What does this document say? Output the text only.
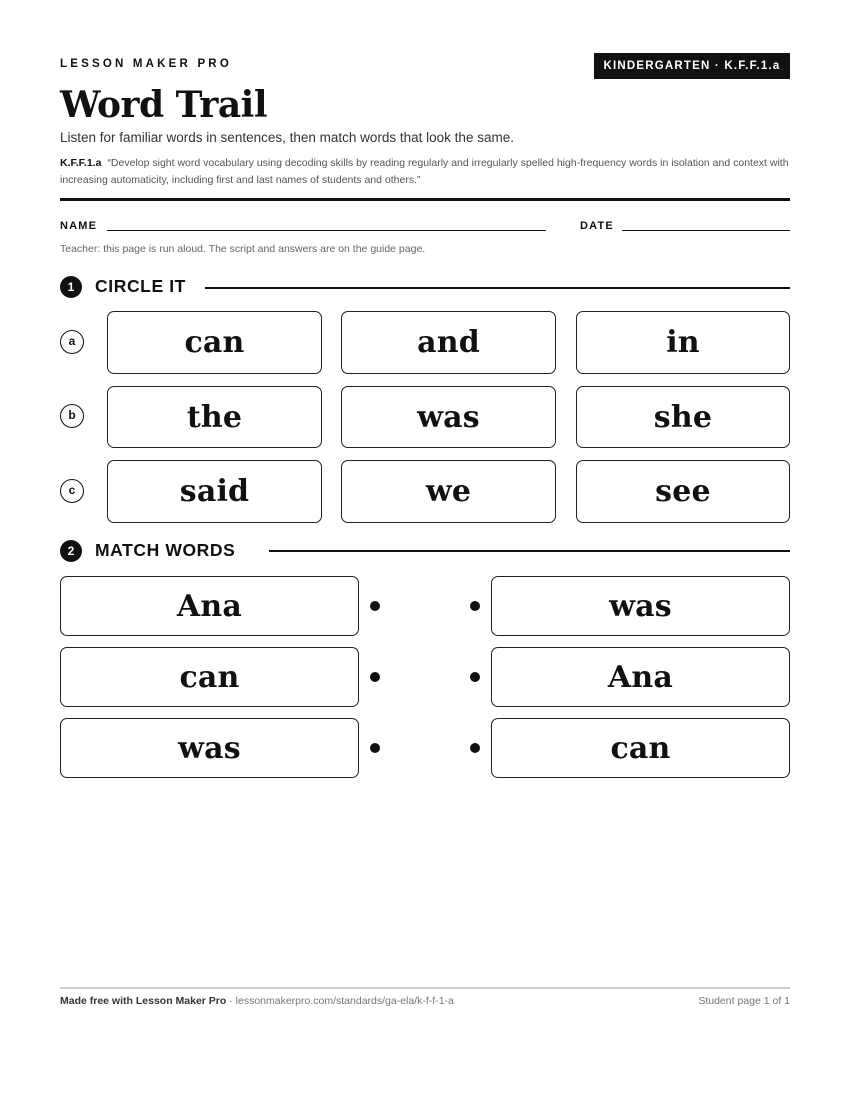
LESSON MAKER PRO	KINDERGARTEN · K.F.F.1.a
Word Trail
Listen for familiar words in sentences, then match words that look the same.
K.F.F.1.a “Develop sight word vocabulary using decoding skills by reading regularly and irregularly spelled high-frequency words in isolation and context with increasing automaticity, including first and last names of students and others.”
NAME	DATE
Teacher: this page is run aloud. The script and answers are on the guide page.
1	CIRCLE IT
a	can	and	in
b	the	was	she
c	said	we	see
2	MATCH WORDS
Ana	was
can	Ana
was	can
Made free with Lesson Maker Pro · lessonmakerpro.com/standards/ga-ela/k-f-f-1-a	Student page 1 of 1
